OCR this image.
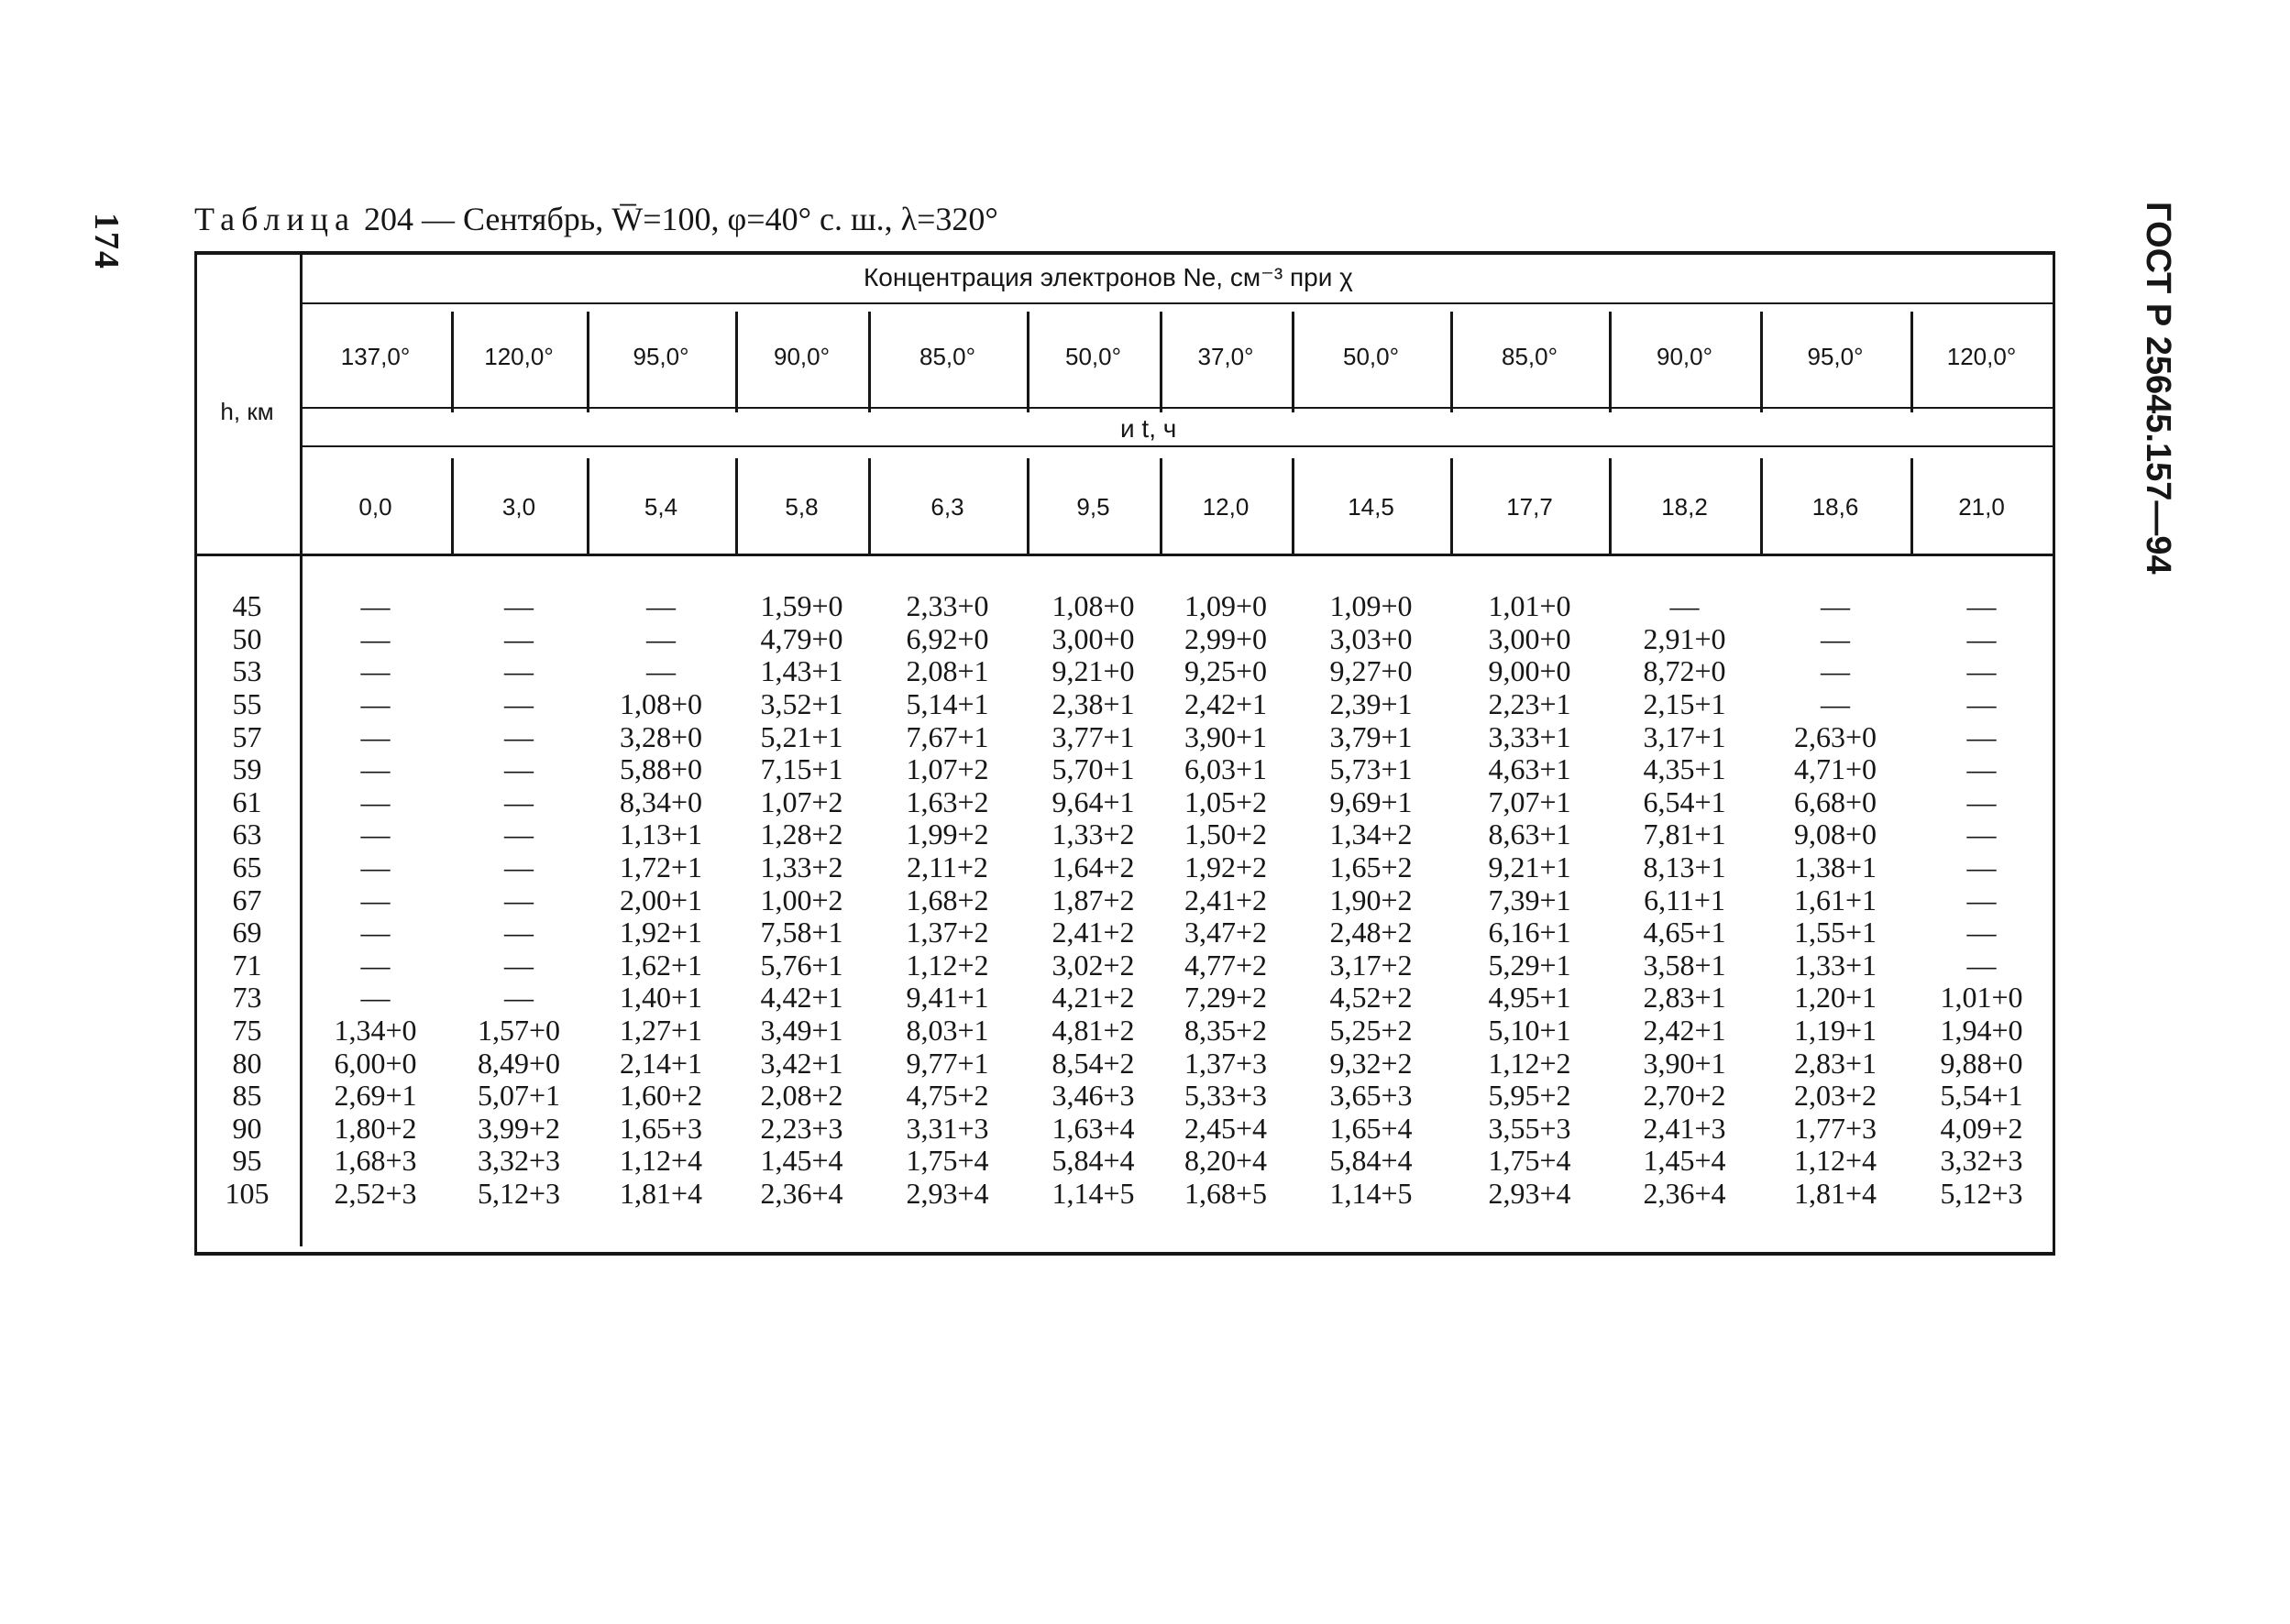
174	ГОСТ Р 25645.157—94
Таблица 204 — Сентябрь, W̅=100, φ=40° с. ш., λ=320°
h, км
Концентрация электронов Ne, см⁻³ при χ
и t, ч
137,0°	120,0°	95,0°	90,0°	85,0°	50,0°	37,0°	50,0°	85,0°	90,0°	95,0°	120,0°
0,0	3,0	5,4	5,8	6,3	9,5	12,0	14,5	17,7	18,2	18,6	21,0
45	—	—	—	1,59+0	2,33+0	1,08+0	1,09+0	1,09+0	1,01+0	—	—	—
50	—	—	—	4,79+0	6,92+0	3,00+0	2,99+0	3,03+0	3,00+0	2,91+0	—	—
53	—	—	—	1,43+1	2,08+1	9,21+0	9,25+0	9,27+0	9,00+0	8,72+0	—	—
55	—	—	1,08+0	3,52+1	5,14+1	2,38+1	2,42+1	2,39+1	2,23+1	2,15+1	—	—
57	—	—	3,28+0	5,21+1	7,67+1	3,77+1	3,90+1	3,79+1	3,33+1	3,17+1	2,63+0	—
59	—	—	5,88+0	7,15+1	1,07+2	5,70+1	6,03+1	5,73+1	4,63+1	4,35+1	4,71+0	—
61	—	—	8,34+0	1,07+2	1,63+2	9,64+1	1,05+2	9,69+1	7,07+1	6,54+1	6,68+0	—
63	—	—	1,13+1	1,28+2	1,99+2	1,33+2	1,50+2	1,34+2	8,63+1	7,81+1	9,08+0	—
65	—	—	1,72+1	1,33+2	2,11+2	1,64+2	1,92+2	1,65+2	9,21+1	8,13+1	1,38+1	—
67	—	—	2,00+1	1,00+2	1,68+2	1,87+2	2,41+2	1,90+2	7,39+1	6,11+1	1,61+1	—
69	—	—	1,92+1	7,58+1	1,37+2	2,41+2	3,47+2	2,48+2	6,16+1	4,65+1	1,55+1	—
71	—	—	1,62+1	5,76+1	1,12+2	3,02+2	4,77+2	3,17+2	5,29+1	3,58+1	1,33+1	—
73	—	—	1,40+1	4,42+1	9,41+1	4,21+2	7,29+2	4,52+2	4,95+1	2,83+1	1,20+1	1,01+0
75	1,34+0	1,57+0	1,27+1	3,49+1	8,03+1	4,81+2	8,35+2	5,25+2	5,10+1	2,42+1	1,19+1	1,94+0
80	6,00+0	8,49+0	2,14+1	3,42+1	9,77+1	8,54+2	1,37+3	9,32+2	1,12+2	3,90+1	2,83+1	9,88+0
85	2,69+1	5,07+1	1,60+2	2,08+2	4,75+2	3,46+3	5,33+3	3,65+3	5,95+2	2,70+2	2,03+2	5,54+1
90	1,80+2	3,99+2	1,65+3	2,23+3	3,31+3	1,63+4	2,45+4	1,65+4	3,55+3	2,41+3	1,77+3	4,09+2
95	1,68+3	3,32+3	1,12+4	1,45+4	1,75+4	5,84+4	8,20+4	5,84+4	1,75+4	1,45+4	1,12+4	3,32+3
105	2,52+3	5,12+3	1,81+4	2,36+4	2,93+4	1,14+5	1,68+5	1,14+5	2,93+4	2,36+4	1,81+4	5,12+3
